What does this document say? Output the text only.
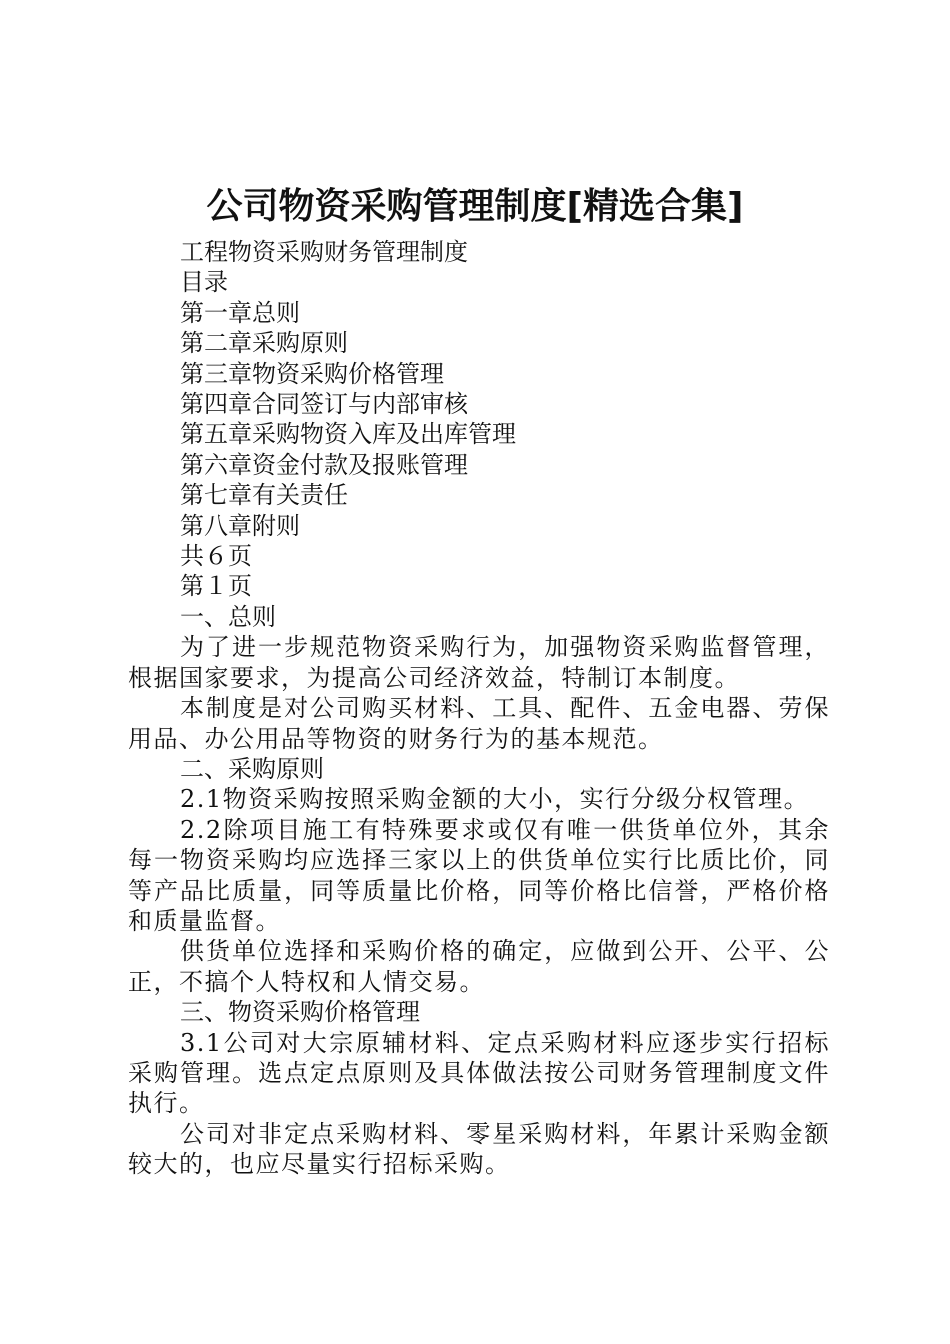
公司物资采购管理制度[精选合集]

工程物资采购财务管理制度

目录

第一章总则

第二章采购原则

第三章物资采购价格管理

第四章合同签订与内部审核

第五章采购物资入库及出库管理

第六章资金付款及报账管理

第七章有关责任

第八章附则

共６页

第１页

一、总则

为了进一步规范物资采购行为，加强物资采购监督管理，根据国家要求，为提高公司经济效益，特制订本制度。

本制度是对公司购买材料、工具、配件、五金电器、劳保用品、办公用品等物资的财务行为的基本规范。

二、采购原则

2.1物资采购按照采购金额的大小，实行分级分权管理。

2.2除项目施工有特殊要求或仅有唯一供货单位外，其余每一物资采购均应选择三家以上的供货单位实行比质比价，同等产品比质量，同等质量比价格，同等价格比信誉，严格价格和质量监督。

供货单位选择和采购价格的确定，应做到公开、公平、公正，不搞个人特权和人情交易。

三、物资采购价格管理

3.1公司对大宗原辅材料、定点采购材料应逐步实行招标采购管理。选点定点原则及具体做法按公司财务管理制度文件执行。

公司对非定点采购材料、零星采购材料，年累计采购金额较大的，也应尽量实行招标采购。
